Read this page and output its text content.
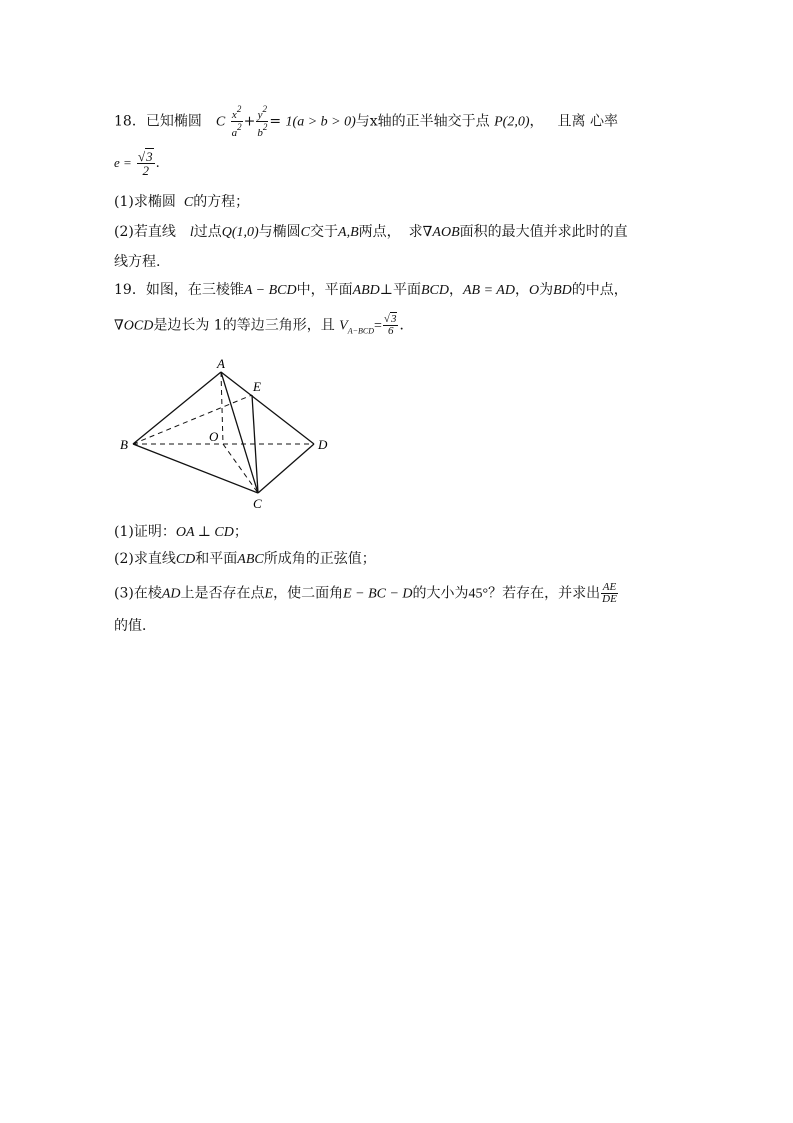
18．已知椭圆 C $\frac{x^2}{a^2} + \frac{y^2}{b^2} = 1(a > b > 0)$与x轴的正半轴交于点 P(2,0)， 且离 心率
$e = \frac{√3}{2}$ .
(1)求椭圆 C的方程；
(2)若直线 l过点Q(1,0)与椭圆C交于A,B两点， 求∇AOB面积的最大值并求此时的直
线方程.
19．如图，在三棱锥A − BCD中，平面ABD⊥平面BCD，AB = AD，O为BD的中点，
∇OCD是边长为 1的等边三角形，且 $V_{A-BCD}= \frac{√3}{6}$ ．
A
E
B
O
D
C
(1)证明：OA ⊥ CD；
(2)求直线CD和平面ABC所成角的正弦值；
(3)在棱AD上是否存在点E，使二面角E − BC − D的大小为45°？若存在，并求出 $\frac{AE}{DE}$
的值．
